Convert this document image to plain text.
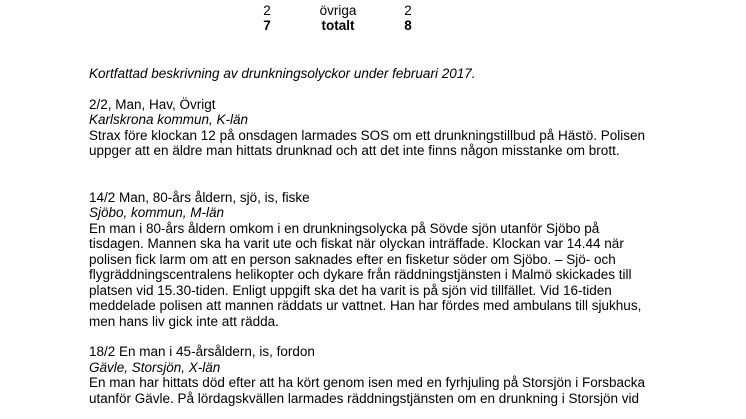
2	övriga	2
7	totalt	8

Kortfattad beskrivning av drunkningsolyckor under februari 2017.

2/2, Man, Hav, Övrigt

Karlskrona kommun, K-län

Strax före klockan 12 på onsdagen larmades SOS om ett drunkningstillbud på Hästö. Polisen

uppger att en äldre man hittats drunknad och att det inte finns någon misstanke om brott.

14/2 Man, 80-års åldern, sjö, is, fiske

Sjöbo, kommun, M-län

En man i 80-års åldern omkom i en drunkningsolycka på Sövde sjön utanför Sjöbo på

tisdagen. Mannen ska ha varit ute och fiskat när olyckan inträffade. Klockan var 14.44 när

polisen fick larm om att en person saknades efter en fisketur söder om Sjöbo. – Sjö- och

flygräddningscentralens helikopter och dykare från räddningstjänsten i Malmö skickades till

platsen vid 15.30-tiden. Enligt uppgift ska det ha varit is på sjön vid tillfället. Vid 16-tiden

meddelade polisen att mannen räddats ur vattnet. Han har fördes med ambulans till sjukhus,

men hans liv gick inte att rädda.

18/2 En man i 45-årsåldern, is, fordon

Gävle, Storsjön, X-län

En man har hittats död efter att ha kört genom isen med en fyrhjuling på Storsjön i Forsbacka

utanför Gävle. På lördagskvällen larmades räddningstjänsten om en drunkning i Storsjön vid
